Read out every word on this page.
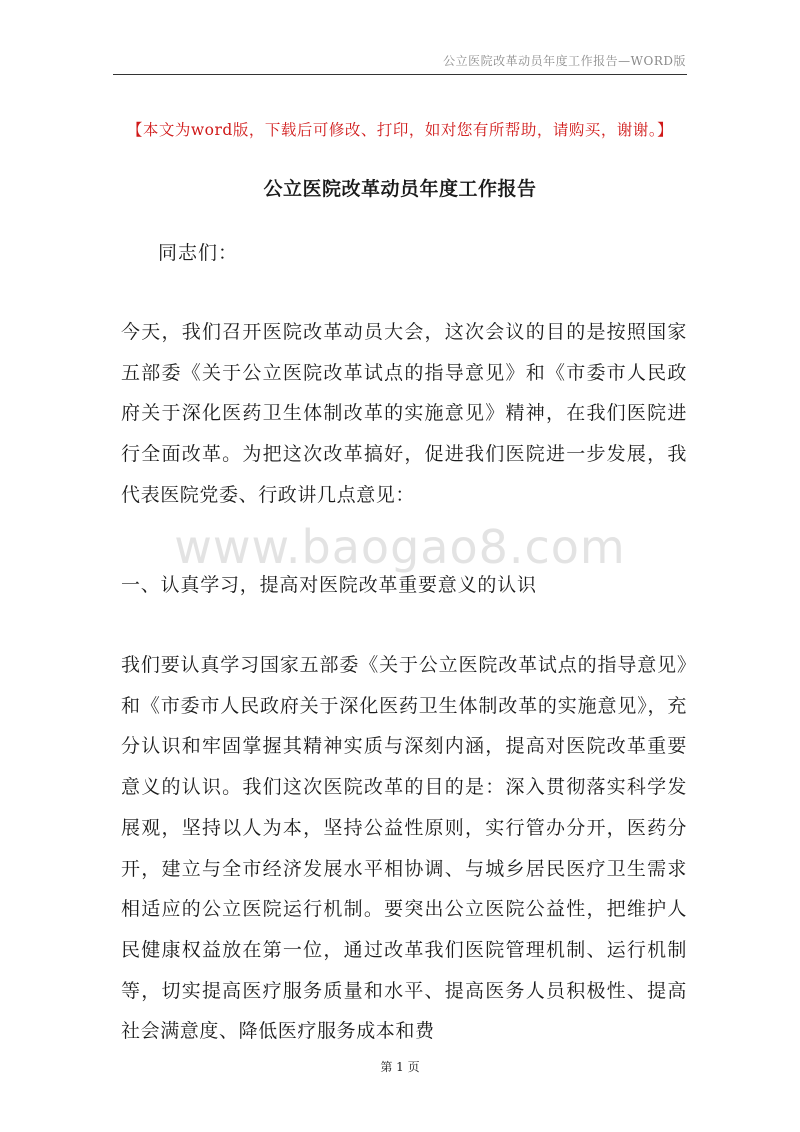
公立医院改革动员年度工作报告—WORD版
【本文为word版，下载后可修改、打印，如对您有所帮助，请购买，谢谢。】
公立医院改革动员年度工作报告
同志们：

今天，我们召开医院改革动员大会，这次会议的目的是按照国家五部委《关于公立医院改革试点的指导意见》和《市委市人民政府关于深化医药卫生体制改革的实施意见》精神，在我们医院进行全面改革。为把这次改革搞好，促进我们医院进一步发展，我代表医院党委、行政讲几点意见：

www.baogao8.com
一、认真学习，提高对医院改革重要意义的认识

我们要认真学习国家五部委《关于公立医院改革试点的指导意见》和《市委市人民政府关于深化医药卫生体制改革的实施意见》，充分认识和牢固掌握其精神实质与深刻内涵，提高对医院改革重要意义的认识。我们这次医院改革的目的是：深入贯彻落实科学发展观，坚持以人为本，坚持公益性原则，实行管办分开，医药分开，建立与全市经济发展水平相协调、与城乡居民医疗卫生需求相适应的公立医院运行机制。要突出公立医院公益性，把维护人民健康权益放在第一位，通过改革我们医院管理机制、运行机制等，切实提高医疗服务质量和水平、提高医务人员积极性、提高社会满意度、降低医疗服务成本和费

第 1 页
